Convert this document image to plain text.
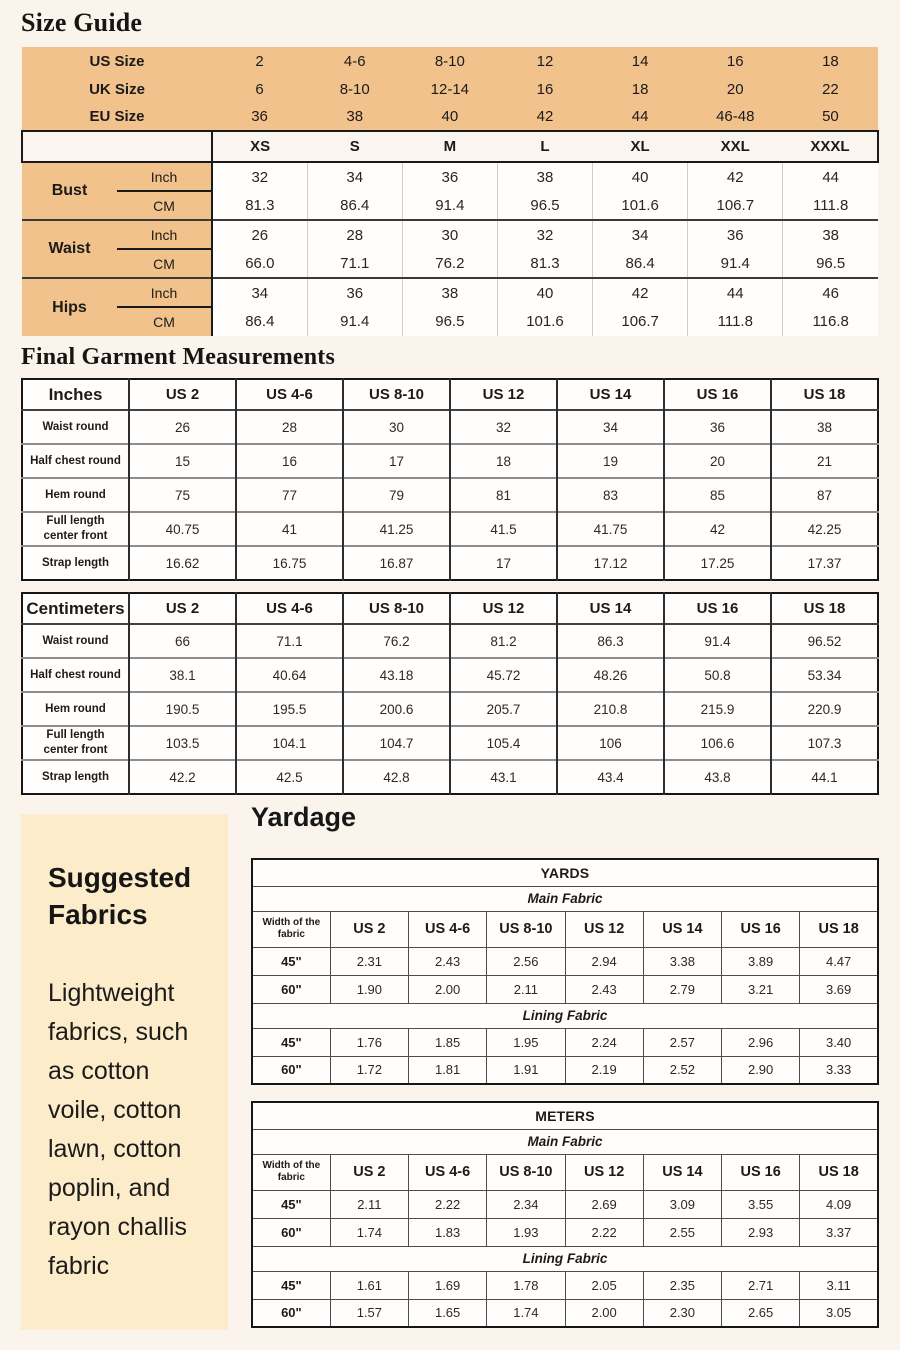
Size Guide
US Size		2	4-6	8-10	12	14	16	18
UK Size		6	8-10	12-14	16	18	20	22
EU Size		36	38	40	42	44	46-48	50
		XS	S	M	L	XL	XXL	XXXL
Bust	Inch	32	34	36	38	40	42	44
	CM	81.3	86.4	91.4	96.5	101.6	106.7	111.8
Waist	Inch	26	28	30	32	34	36	38
	CM	66.0	71.1	76.2	81.3	86.4	91.4	96.5
Hips	Inch	34	36	38	40	42	44	46
	CM	86.4	91.4	96.5	101.6	106.7	111.8	116.8
Final Garment Measurements
Inches	US 2	US 4-6	US 8-10	US 12	US 14	US 16	US 18
Waist round	26	28	30	32	34	36	38
Half chest round	15	16	17	18	19	20	21
Hem round	75	77	79	81	83	85	87
Full length center front	40.75	41	41.25	41.5	41.75	42	42.25
Strap length	16.62	16.75	16.87	17	17.12	17.25	17.37
Centimeters	US 2	US 4-6	US 8-10	US 12	US 14	US 16	US 18
Waist round	66	71.1	76.2	81.2	86.3	91.4	96.52
Half chest round	38.1	40.64	43.18	45.72	48.26	50.8	53.34
Hem round	190.5	195.5	200.6	205.7	210.8	215.9	220.9
Full length center front	103.5	104.1	104.7	105.4	106	106.6	107.3
Strap length	42.2	42.5	42.8	43.1	43.4	43.8	44.1
Suggested Fabrics
Lightweight fabrics, such as cotton voile, cotton lawn, cotton poplin, and rayon challis fabric
Yardage
YARDS							
Main Fabric							
Width of the fabric	US 2	US 4-6	US 8-10	US 12	US 14	US 16	US 18
45"	2.31	2.43	2.56	2.94	3.38	3.89	4.47
60"	1.90	2.00	2.11	2.43	2.79	3.21	3.69
Lining Fabric							
45"	1.76	1.85	1.95	2.24	2.57	2.96	3.40
60"	1.72	1.81	1.91	2.19	2.52	2.90	3.33
METERS							
Main Fabric							
Width of the fabric	US 2	US 4-6	US 8-10	US 12	US 14	US 16	US 18
45"	2.11	2.22	2.34	2.69	3.09	3.55	4.09
60"	1.74	1.83	1.93	2.22	2.55	2.93	3.37
Lining Fabric							
45"	1.61	1.69	1.78	2.05	2.35	2.71	3.11
60"	1.57	1.65	1.74	2.00	2.30	2.65	3.05
